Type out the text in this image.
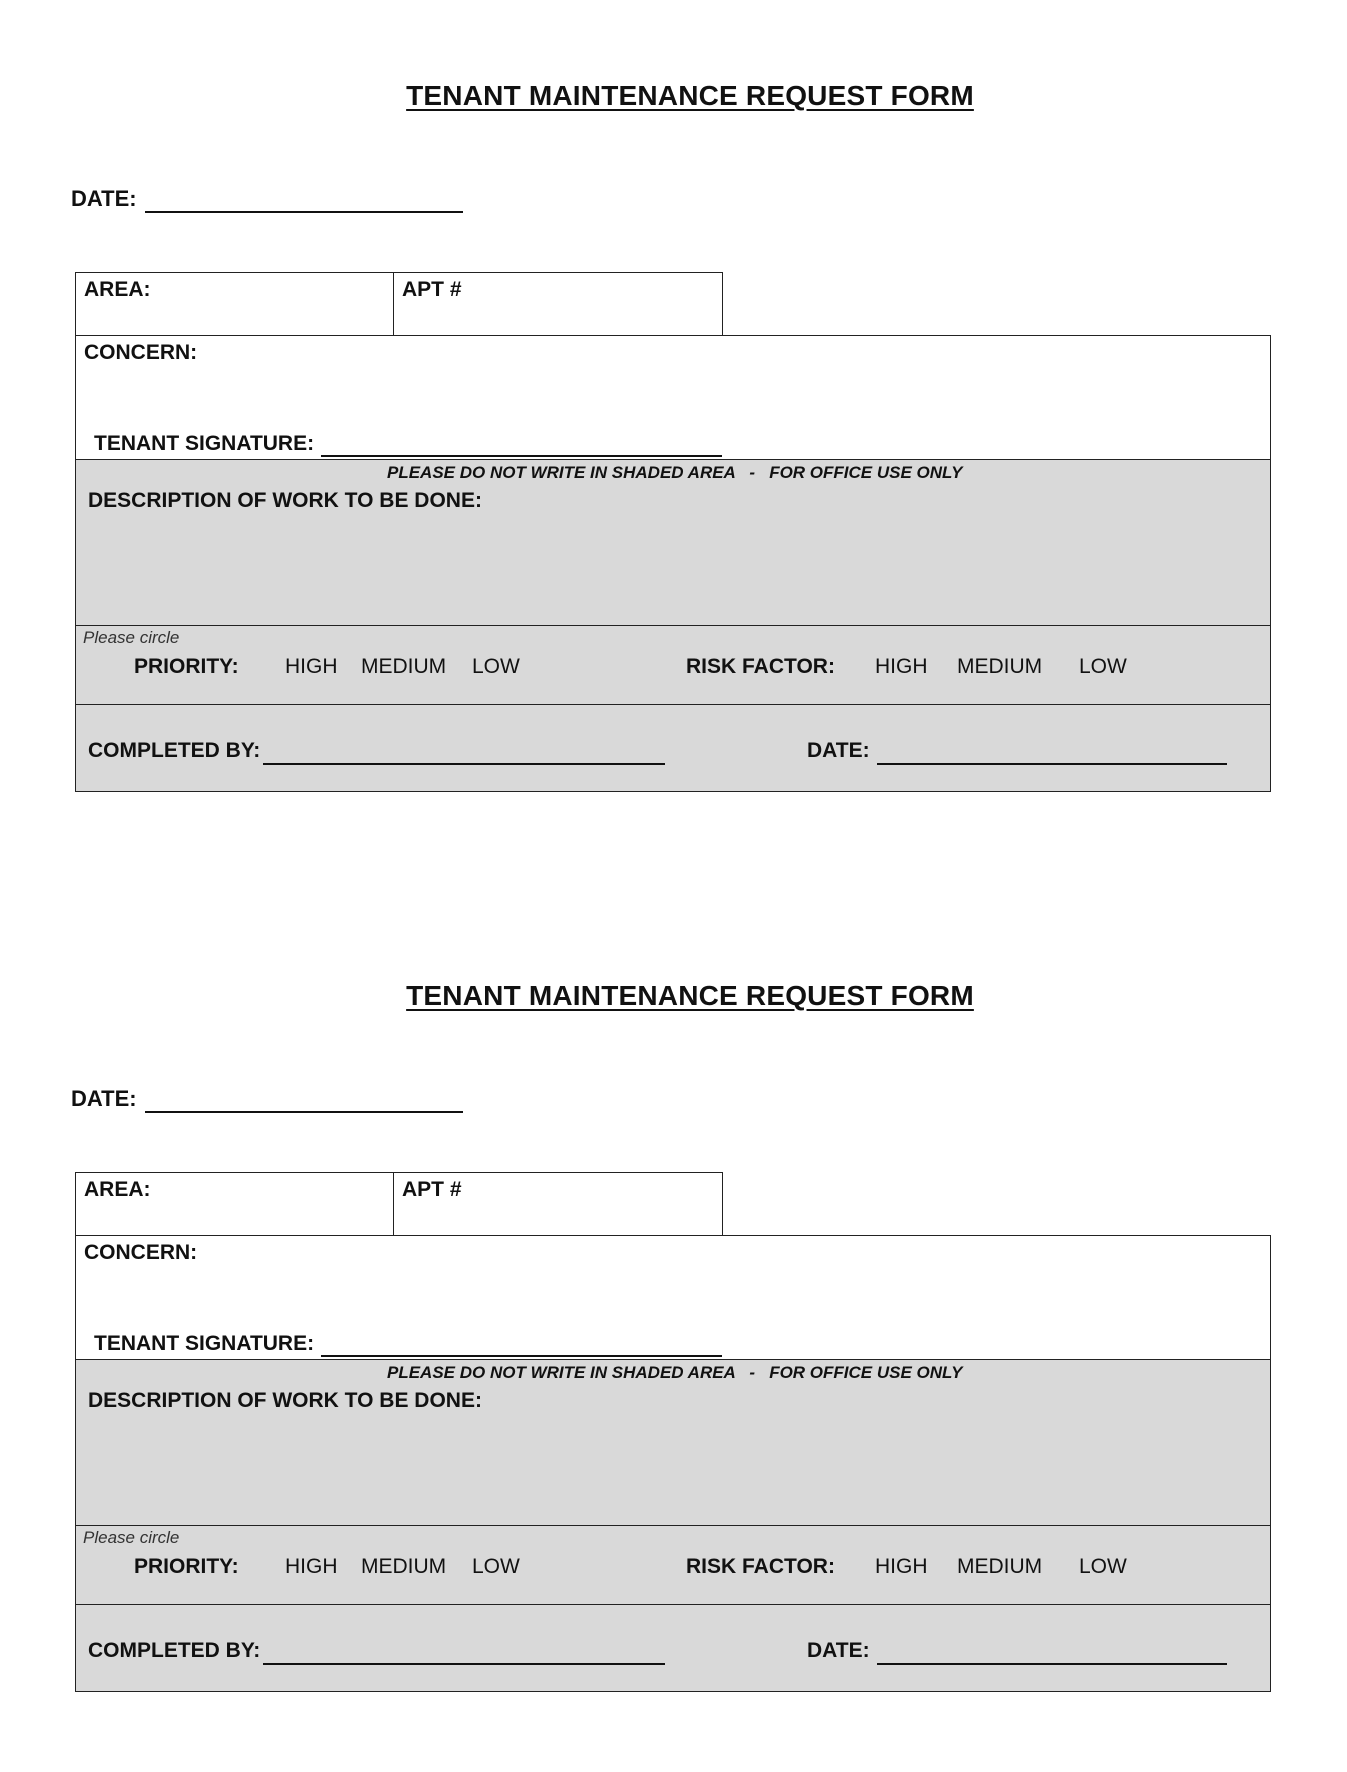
TENANT MAINTENANCE REQUEST FORM
DATE:
AREA:	APT #
CONCERN:
TENANT SIGNATURE:
PLEASE DO NOT WRITE IN SHADED AREA   -   FOR OFFICE USE ONLY
DESCRIPTION OF WORK TO BE DONE:
Please circle
PRIORITY: HIGH MEDIUM LOW	RISK FACTOR: HIGH MEDIUM LOW
COMPLETED BY:	DATE:
TENANT MAINTENANCE REQUEST FORM
DATE:
AREA:	APT #
CONCERN:
TENANT SIGNATURE:
PLEASE DO NOT WRITE IN SHADED AREA   -   FOR OFFICE USE ONLY
DESCRIPTION OF WORK TO BE DONE:
Please circle
PRIORITY: HIGH MEDIUM LOW	RISK FACTOR: HIGH MEDIUM LOW
COMPLETED BY:	DATE:
